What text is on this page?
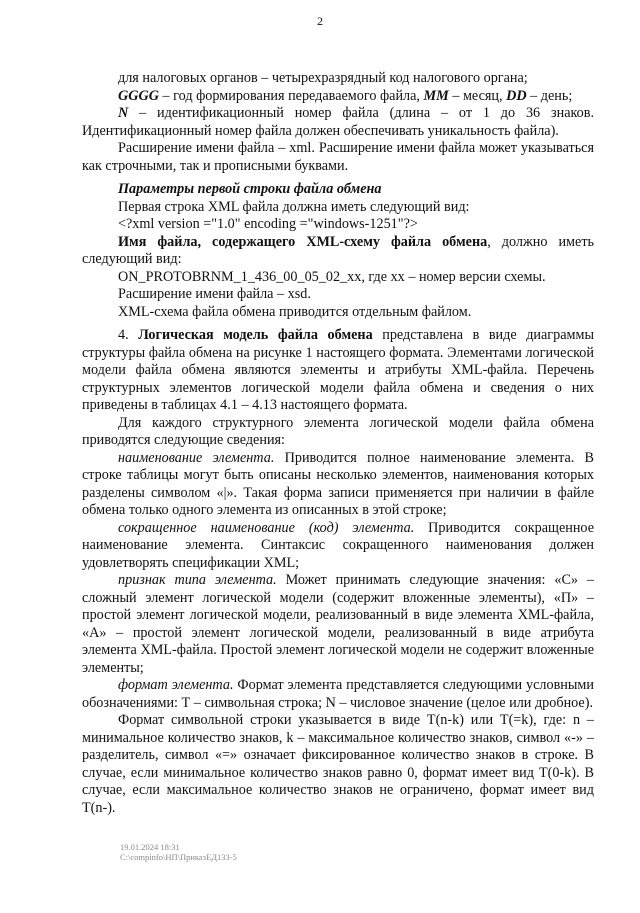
2

для налоговых органов – четырехразрядный код налогового органа;

GGGG – год формирования передаваемого файла, MM – месяц, DD – день;

N – идентификационный номер файла (длина – от 1 до 36 знаков. Идентификационный номер файла должен обеспечивать уникальность файла).

Расширение имени файла – xml. Расширение имени файла может указываться как строчными, так и прописными буквами.

Параметры первой строки файла обмена

Первая строка XML файла должна иметь следующий вид:

<?xml version ="1.0" encoding ="windows-1251"?>

Имя файла, содержащего XML-схему файла обмена, должно иметь следующий вид:

ON_PROTOBRNM_1_436_00_05_02_xx, где хх – номер версии схемы.

Расширение имени файла – xsd.

XML-схема файла обмена приводится отдельным файлом.

4. Логическая модель файла обмена представлена в виде диаграммы структуры файла обмена на рисунке 1 настоящего формата. Элементами логической модели файла обмена являются элементы и атрибуты XML-файла. Перечень структурных элементов логической модели файла обмена и сведения о них приведены в таблицах 4.1 – 4.13 настоящего формата.

Для каждого структурного элемента логической модели файла обмена приводятся следующие сведения:

наименование элемента. Приводится полное наименование элемента. В строке таблицы могут быть описаны несколько элементов, наименования которых разделены символом «|». Такая форма записи применяется при наличии в файле обмена только одного элемента из описанных в этой строке;

сокращенное наименование (код) элемента. Приводится сокращенное наименование элемента. Синтаксис сокращенного наименования должен удовлетворять спецификации XML;

признак типа элемента. Может принимать следующие значения: «С» – сложный элемент логической модели (содержит вложенные элементы), «П» – простой элемент логической модели, реализованный в виде элемента XML-файла, «А» – простой элемент логической модели, реализованный в виде атрибута элемента XML-файла. Простой элемент логической модели не содержит вложенные элементы;

формат элемента. Формат элемента представляется следующими условными обозначениями: Т – символьная строка; N – числовое значение (целое или дробное).

Формат символьной строки указывается в виде Т(n-k) или T(=k), где: n – минимальное количество знаков, k – максимальное количество знаков, символ «-» – разделитель, символ «=» означает фиксированное количество знаков в строке. В случае, если минимальное количество знаков равно 0, формат имеет вид Т(0-k). В случае, если максимальное количество знаков не ограничено, формат имеет вид Т(n-).

19.01.2024 18:31
C:\compinfo\НП\ПриказЕД133-5
